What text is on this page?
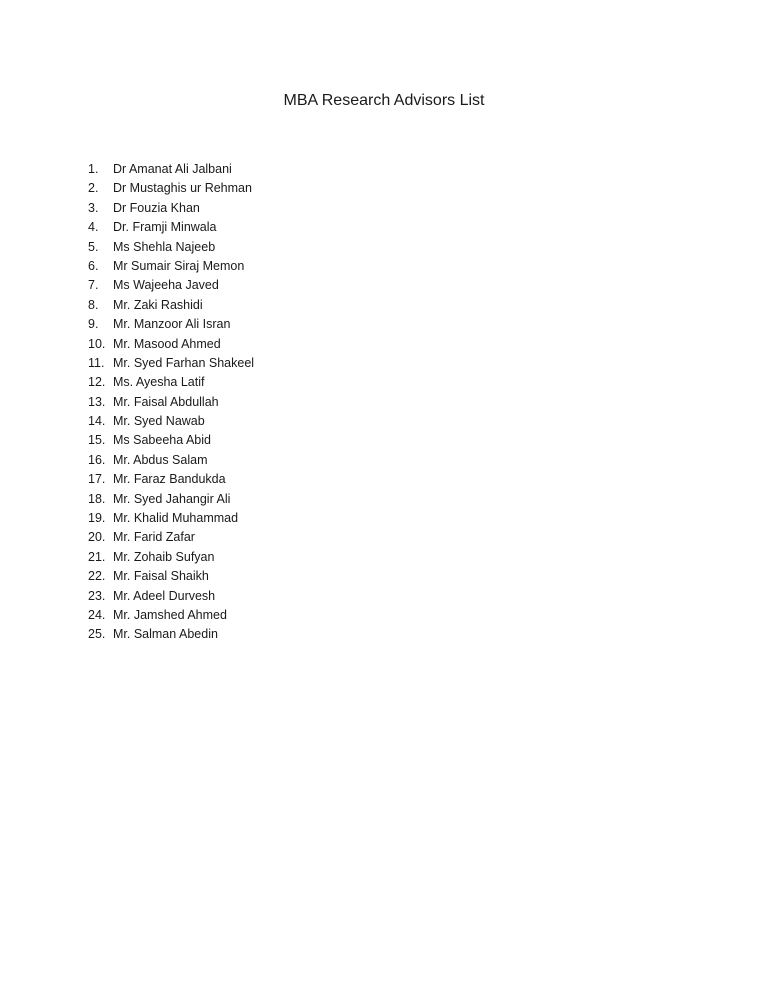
MBA Research Advisors List
1.	Dr Amanat Ali Jalbani
2.	Dr Mustaghis ur Rehman
3.	Dr Fouzia Khan
4.	Dr. Framji Minwala
5.	Ms Shehla Najeeb
6.	Mr Sumair Siraj Memon
7.	Ms Wajeeha Javed
8.	Mr. Zaki Rashidi
9.	Mr. Manzoor Ali Isran
10. Mr. Masood Ahmed
11. Mr. Syed Farhan Shakeel
12. Ms. Ayesha Latif
13. Mr. Faisal Abdullah
14. Mr. Syed Nawab
15. Ms Sabeeha Abid
16. Mr. Abdus Salam
17. Mr. Faraz Bandukda
18. Mr. Syed Jahangir Ali
19. Mr. Khalid Muhammad
20. Mr. Farid Zafar
21. Mr. Zohaib Sufyan
22. Mr. Faisal Shaikh
23. Mr. Adeel Durvesh
24. Mr. Jamshed Ahmed
25. Mr. Salman Abedin
